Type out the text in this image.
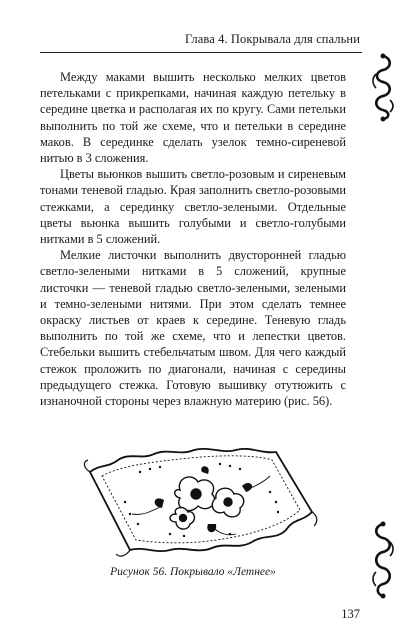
Глава 4. Покрывала для спальни

Между маками вышить несколько мелких цветов петельками с прикрепками, начиная каждую петельку в середине цветка и располагая их по кругу. Сами петельки выполнить по той же схеме, что и петельки в середине маков. В серединке сделать узелок темно-сиреневой нитью в 3 сложения.

Цветы вьюнков вышить светло-розовым и сиреневым тонами теневой гладью. Края заполнить светло-розовыми стежками, а серединку светло-зелеными. Отдельные цветы вьюнка вышить голубыми и светло-голубыми нитками в 5 сложений.

Мелкие листочки выполнить двусторонней гладью светло-зелеными нитками в 5 сложений, крупные листочки — теневой гладью светло-зелеными, зелеными и темно-зелеными нитями. При этом сделать темнее окраску листьев от краев к середине. Теневую гладь выполнить по той же схеме, что и лепестки цветов. Стебельки вышить стебельчатым швом. Для чего каждый стежок проложить по диагонали, начиная с середины предыдущего стежка. Готовую вышивку отутюжить с изнаночной стороны через влажную материю (рис. 56).

Рисунок 56. Покрывало «Летнее»
137
